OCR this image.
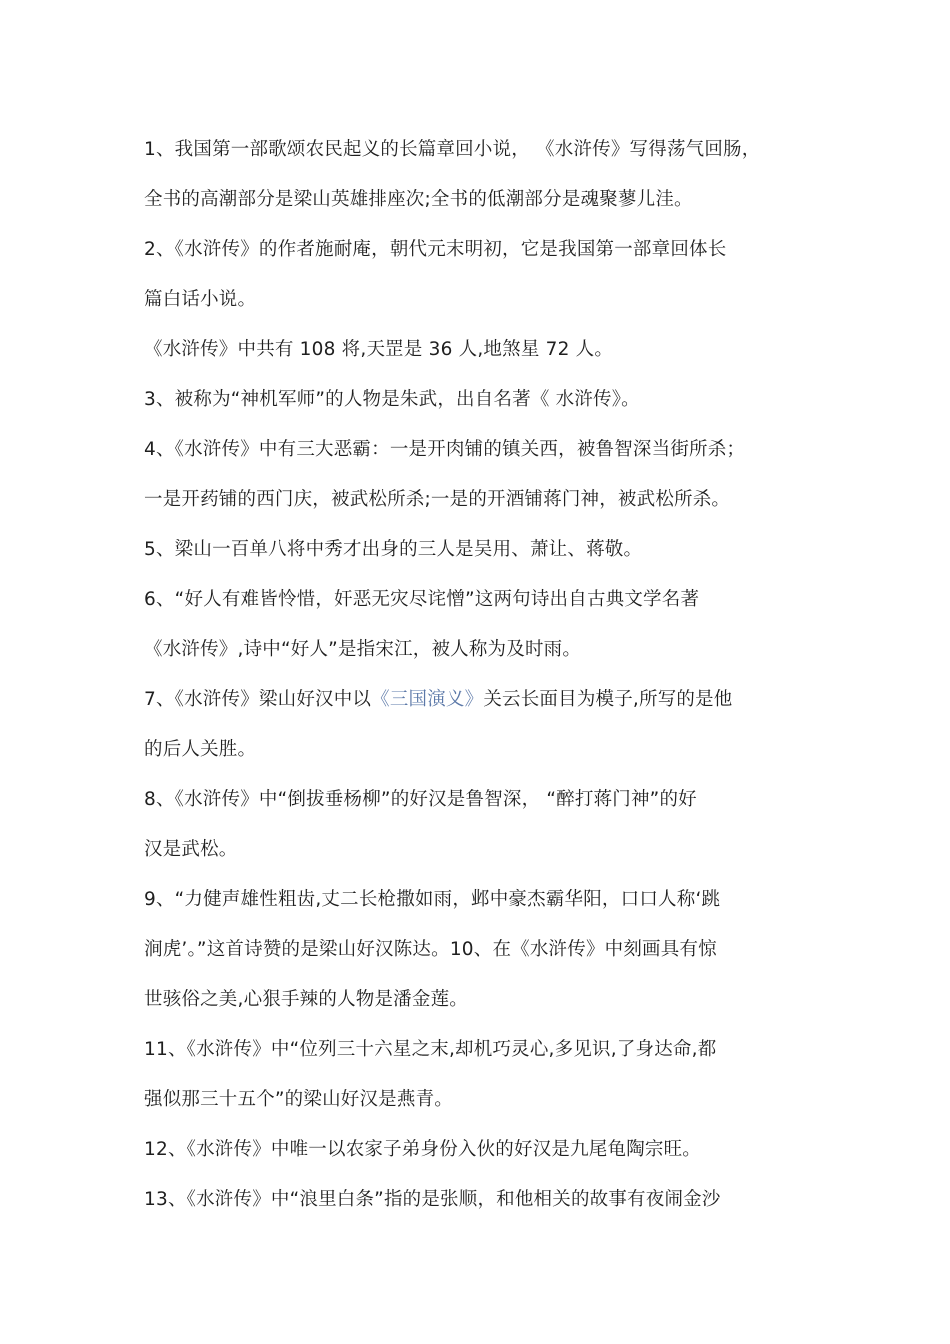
1、我国第一部歌颂农民起义的长篇章回小说， 《水浒传》写得荡气回肠，
全书的高潮部分是梁山英雄排座次;全书的低潮部分是魂聚蓼儿洼。
2、《水浒传》的作者施耐庵，朝代元末明初，它是我国第一部章回体长
篇白话小说。
《水浒传》中共有 108 将,天罡是 36 人,地煞星 72 人。
3、被称为“神机军师”的人物是朱武，出自名著《 水浒传》。
4、《水浒传》中有三大恶霸：一是开肉铺的镇关西，被鲁智深当街所杀；
一是开药铺的西门庆，被武松所杀;一是的开酒铺蒋门神，被武松所杀。
5、梁山一百单八将中秀才出身的三人是吴用、萧让、蒋敬。
6、“好人有难皆怜惜，奸恶无灾尽诧憎”这两句诗出自古典文学名著
《水浒传》,诗中“好人”是指宋江，被人称为及时雨。
7、《水浒传》梁山好汉中以《三国演义》关云长面目为模子,所写的是他
的后人关胜。
8、《水浒传》中“倒拔垂杨柳”的好汉是鲁智深， “醉打蒋门神”的好
汉是武松。
9、“力健声雄性粗齿,丈二长枪撒如雨，邺中豪杰霸华阳，口口人称‘跳
涧虎’。”这首诗赞的是梁山好汉陈达。10、在《水浒传》中刻画具有惊
世骇俗之美,心狠手辣的人物是潘金莲。
11、《水浒传》中“位列三十六星之末,却机巧灵心,多见识,了身达命,都
强似那三十五个”的梁山好汉是燕青。
12、《水浒传》中唯一以农家子弟身份入伙的好汉是九尾龟陶宗旺。
13、《水浒传》中“浪里白条”指的是张顺，和他相关的故事有夜闹金沙
